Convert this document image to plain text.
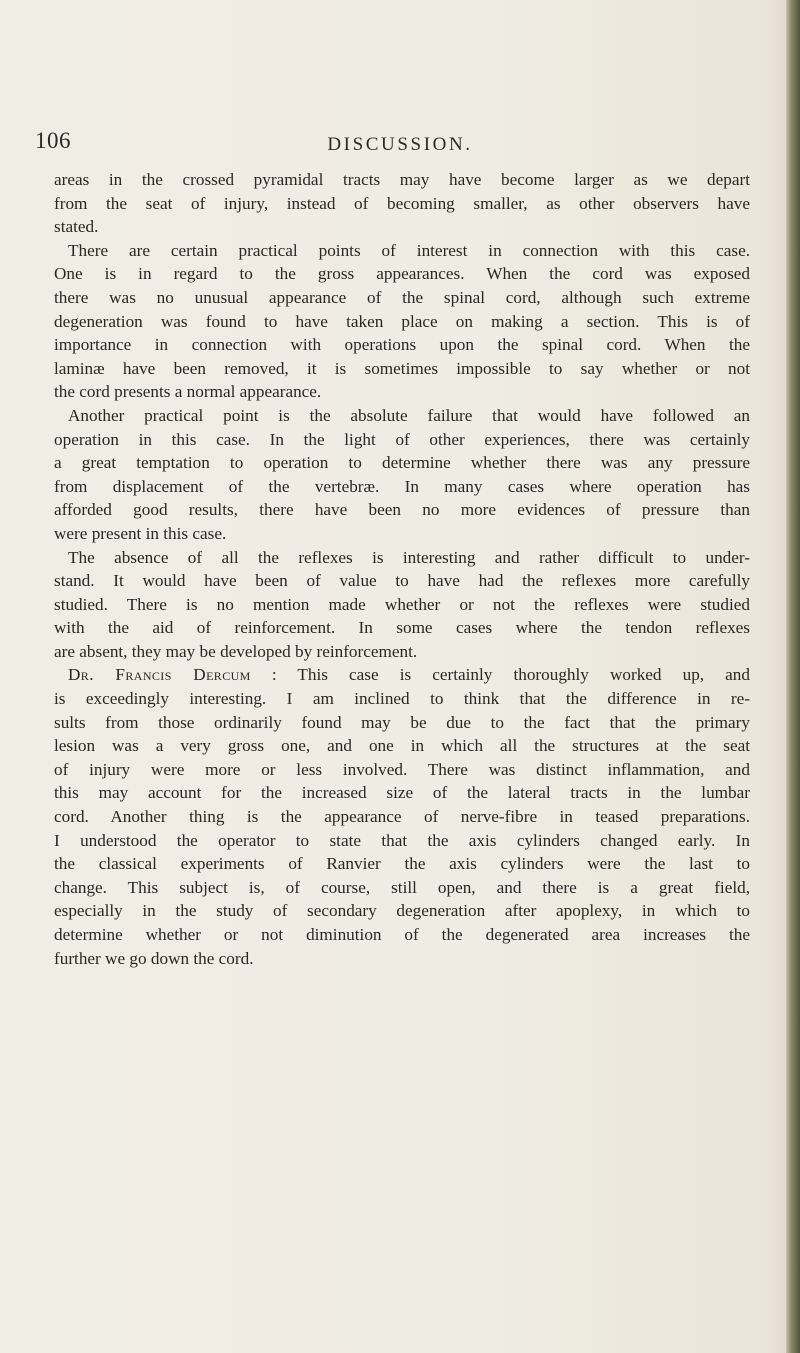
106	DISCUSSION.
areas in the crossed pyramidal tracts may have become larger as we depart
from the seat of injury, instead of becoming smaller, as other observers have
stated.
There are certain practical points of interest in connection with this case.
One is in regard to the gross appearances. When the cord was exposed
there was no unusual appearance of the spinal cord, although such extreme
degeneration was found to have taken place on making a section. This is of
importance in connection with operations upon the spinal cord. When the
laminæ have been removed, it is sometimes impossible to say whether or not
the cord presents a normal appearance.
Another practical point is the absolute failure that would have followed an
operation in this case. In the light of other experiences, there was certainly
a great temptation to operation to determine whether there was any pressure
from displacement of the vertebræ. In many cases where operation has
afforded good results, there have been no more evidences of pressure than
were present in this case.
The absence of all the reflexes is interesting and rather difficult to under-
stand. It would have been of value to have had the reflexes more carefully
studied. There is no mention made whether or not the reflexes were studied
with the aid of reinforcement. In some cases where the tendon reflexes
are absent, they may be developed by reinforcement.
Dr. Francis Dercum : This case is certainly thoroughly worked up, and
is exceedingly interesting. I am inclined to think that the difference in re-
sults from those ordinarily found may be due to the fact that the primary
lesion was a very gross one, and one in which all the structures at the seat
of injury were more or less involved. There was distinct inflammation, and
this may account for the increased size of the lateral tracts in the lumbar
cord. Another thing is the appearance of nerve-fibre in teased preparations.
I understood the operator to state that the axis cylinders changed early. In
the classical experiments of Ranvier the axis cylinders were the last to
change. This subject is, of course, still open, and there is a great field,
especially in the study of secondary degeneration after apoplexy, in which to
determine whether or not diminution of the degenerated area increases the
further we go down the cord.
